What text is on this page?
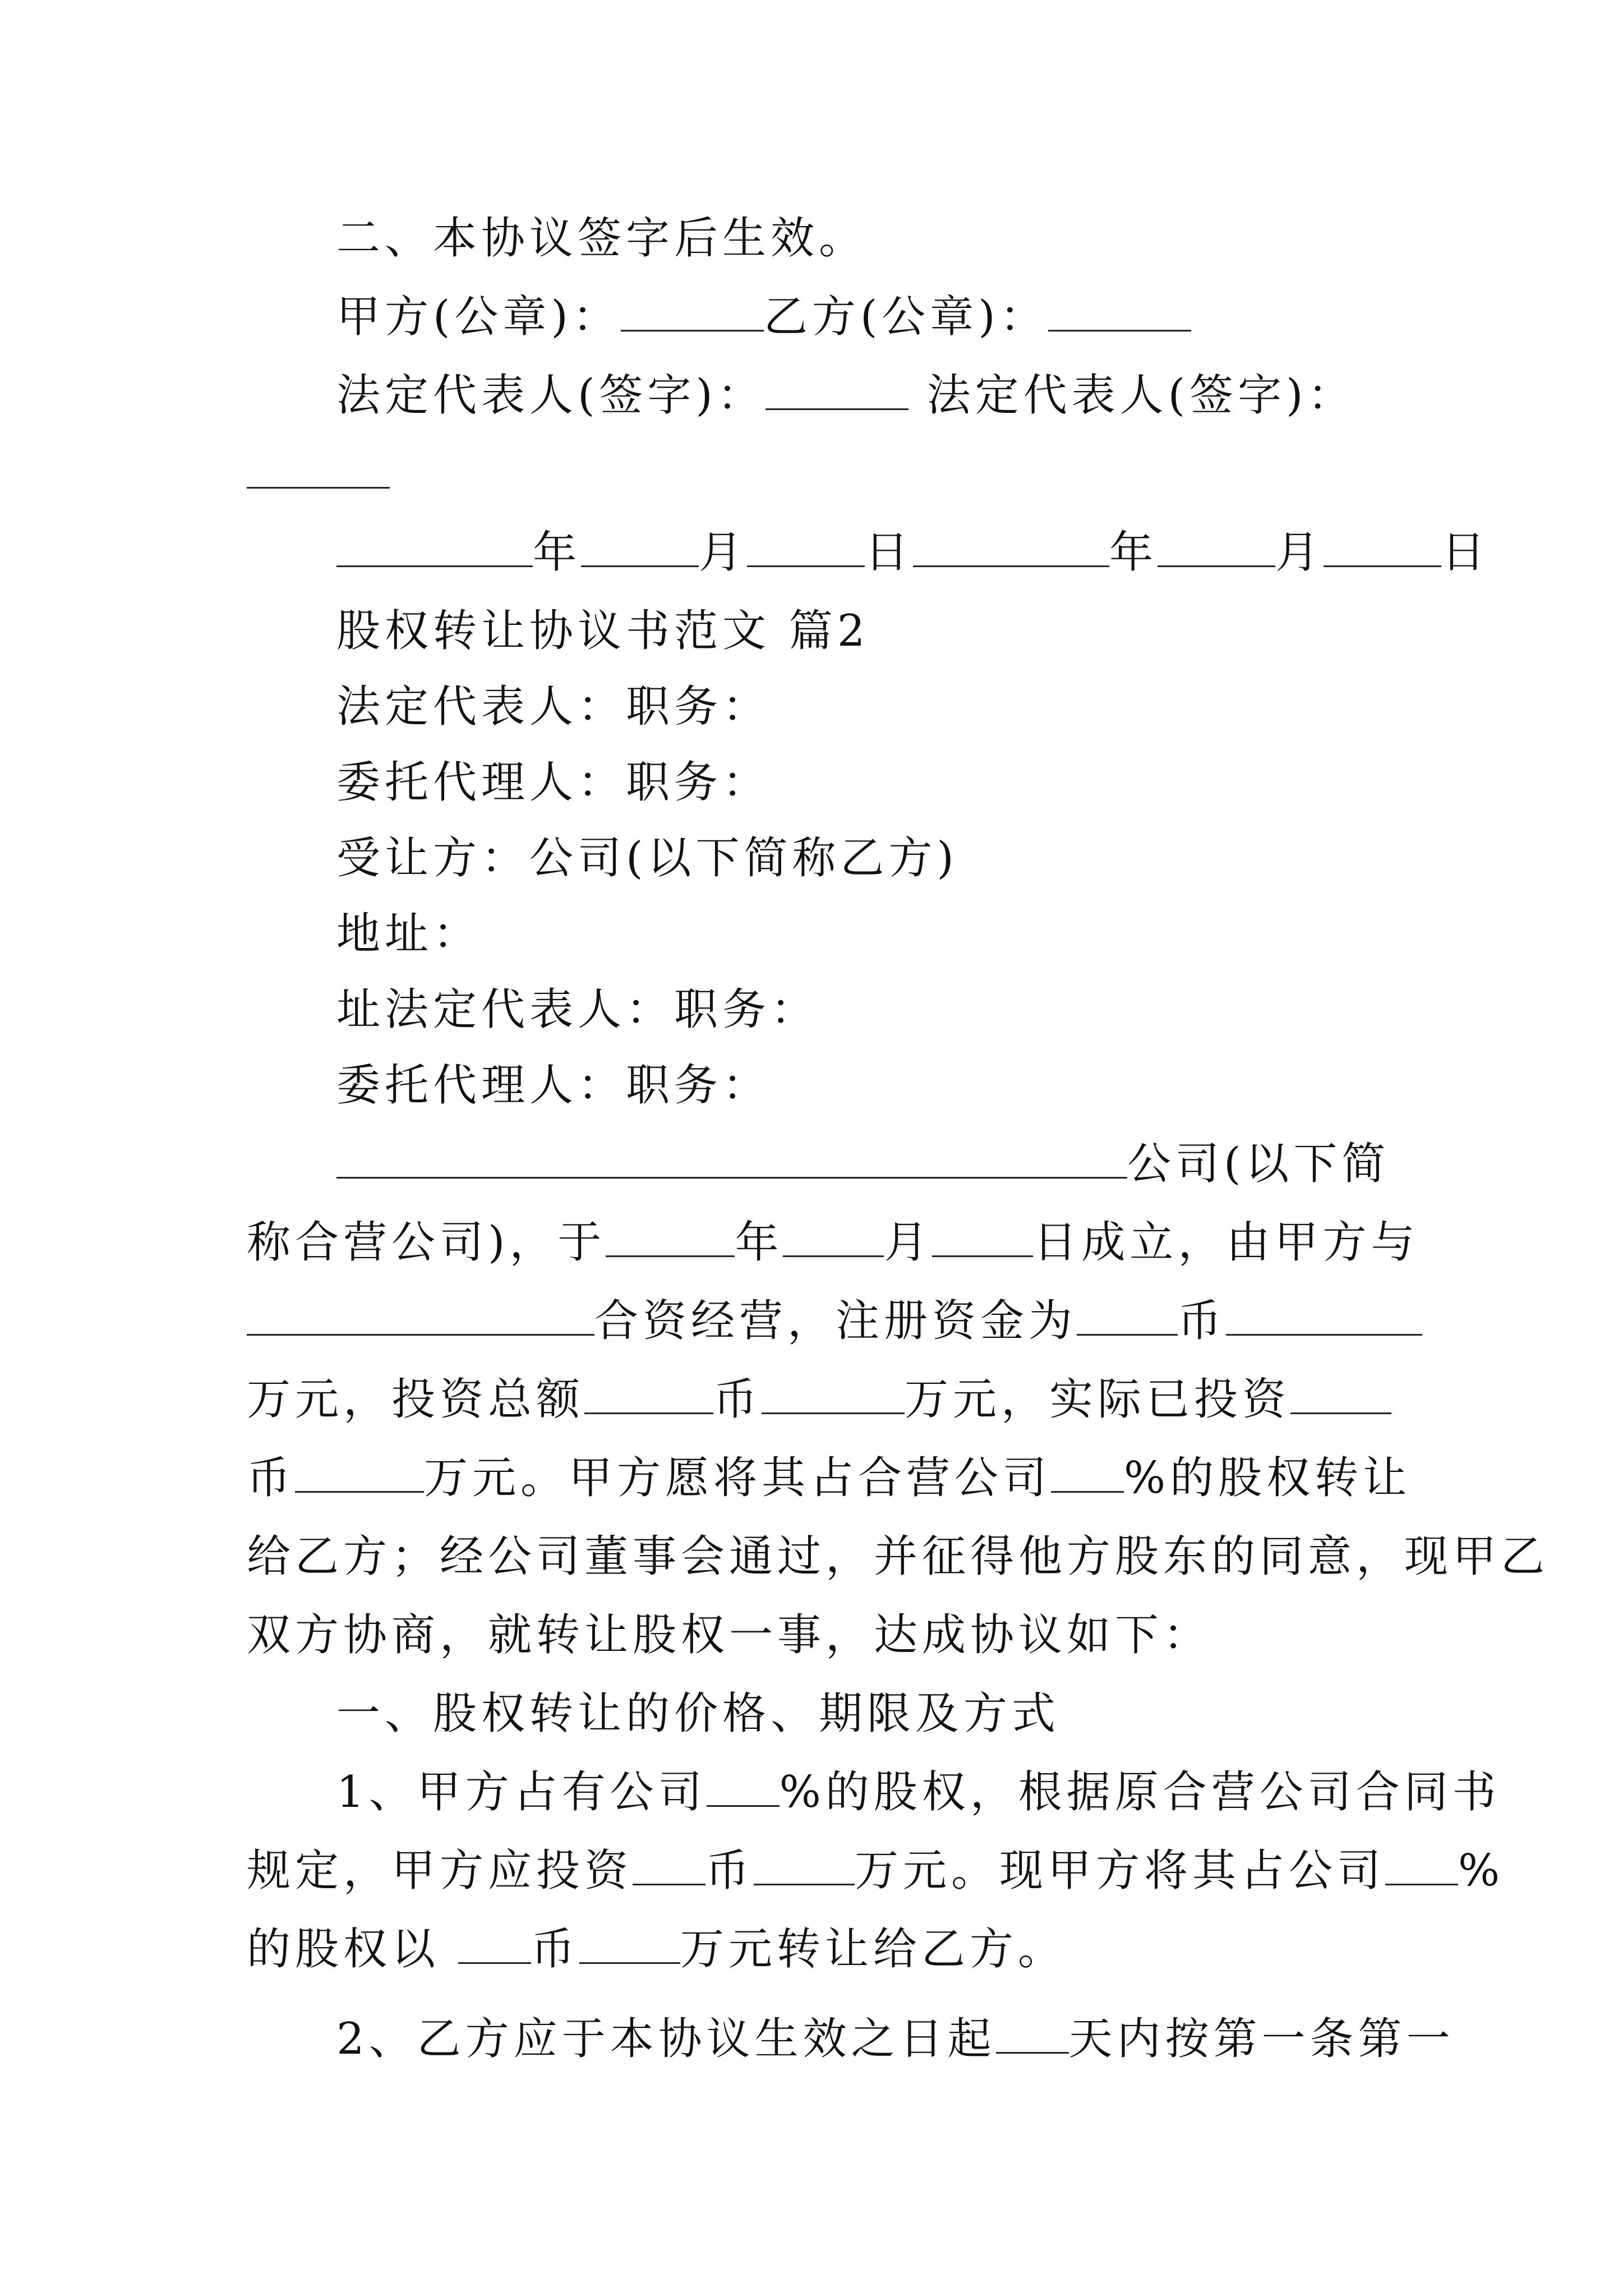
二、本协议签字后生效。
甲方(公章)：	乙方(公章)：
法定代表人(签字)：	法定代表人(签字)：
年	月	日	年	月	日
股权转让协议书范文 篇2
法定代表人：职务：
委托代理人：职务：
受让方：公司(以下简称乙方)
地址：
址法定代表人：职务：
委托代理人：职务：
公司(以下简
称合营公司)，于	年 月 日成立，由甲方与
合资经营，注册资金为 币
万元，投资总额	币	万元，实际已投资
币	万元。甲方愿将其占合营公司 %的股权转让
给乙方；经公司董事会通过，并征得他方股东的同意，现甲乙
双方协商，就转让股权一事，达成协议如下：
一、股权转让的价格、期限及方式
1、甲方占有公司 %的股权，根据原合营公司合同书
规定，甲方应投资 币 万元。现甲方将其占公司 %
的股权以 币 万元转让给乙方。
2、乙方应于本协议生效之日起 天内按第一条第一
